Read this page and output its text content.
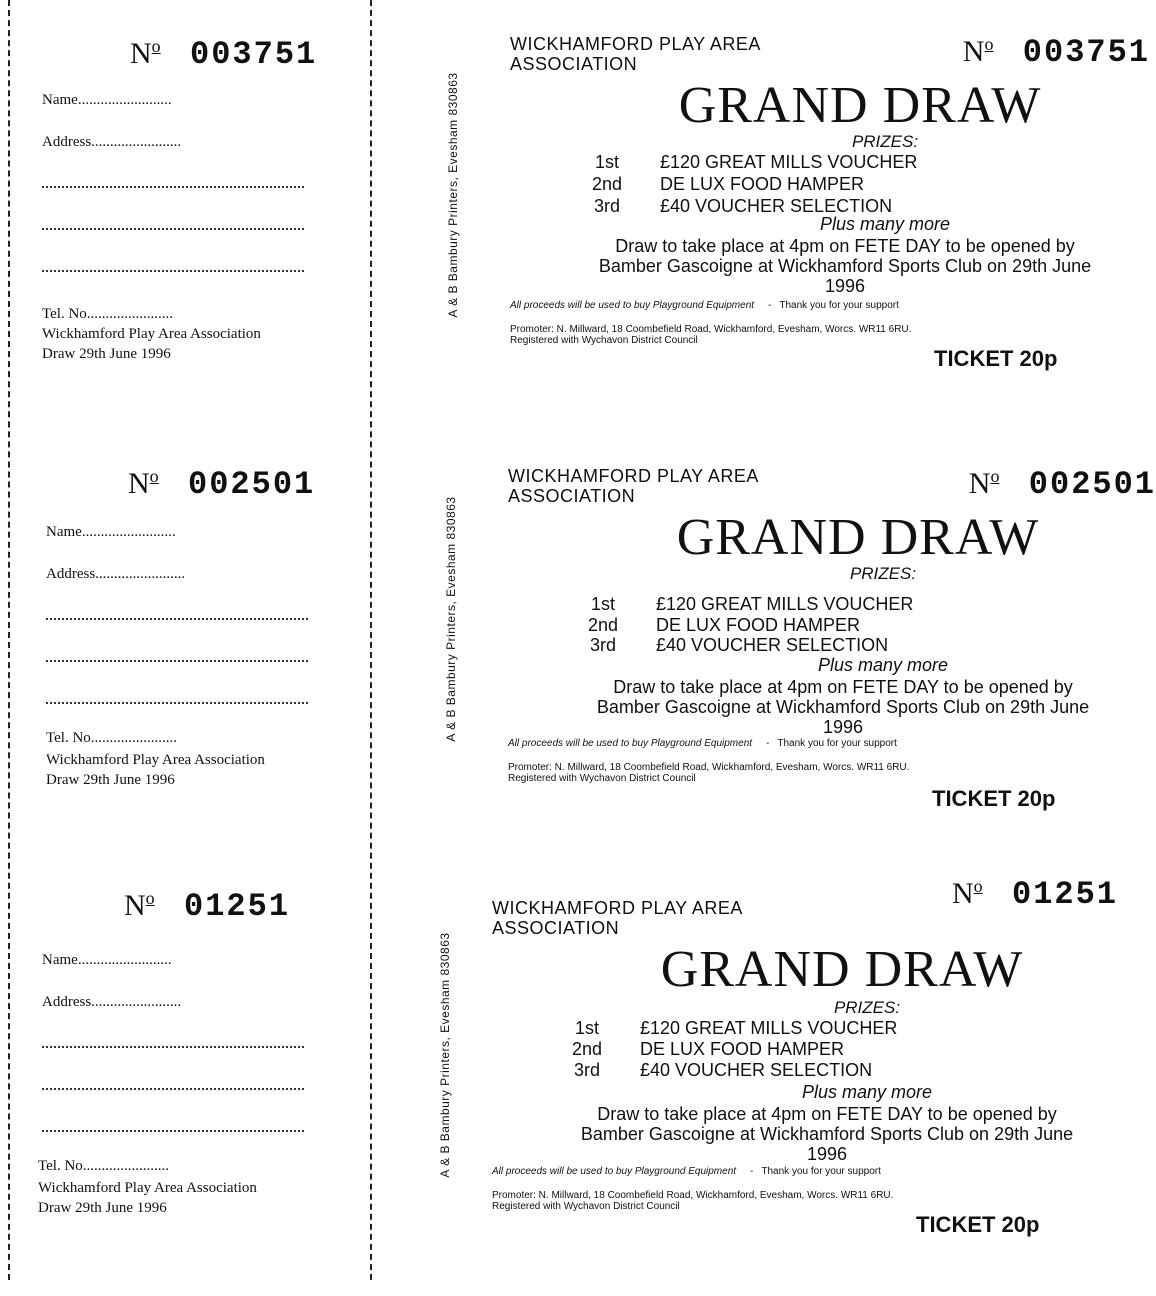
$N^o$ 003751
Name.........................
Address........................
Tel. No.......................
Wickhamford Play Area Association
Draw 29th June 1996
A & B Bambury Printers, Evesham 830863
WICKHAMFORD PLAY AREA
ASSOCIATION	$N^o$ 003751
GRAND DRAW
PRIZES:
1st	£120 GREAT MILLS VOUCHER
2nd	DE LUX FOOD HAMPER
3rd	£40 VOUCHER SELECTION
Plus many more
Draw to take place at 4pm on FETE DAY to be opened by
Bamber Gascoigne at Wickhamford Sports Club on 29th June
1996
All proceeds will be used to buy Playground Equipment - Thank you for your support
Promoter: N. Millward, 18 Coombefield Road, Wickhamford, Evesham, Worcs. WR11 6RU.
Registered with Wychavon District Council
TICKET 20p
$N^o$ 002501
Name.........................
Address........................
Tel. No.......................
Wickhamford Play Area Association
Draw 29th June 1996
A & B Bambury Printers, Evesham 830863
WICKHAMFORD PLAY AREA
ASSOCIATION	$N^o$ 002501
GRAND DRAW
PRIZES:
1st	£120 GREAT MILLS VOUCHER
2nd	DE LUX FOOD HAMPER
3rd	£40 VOUCHER SELECTION
Plus many more
Draw to take place at 4pm on FETE DAY to be opened by
Bamber Gascoigne at Wickhamford Sports Club on 29th June
1996
All proceeds will be used to buy Playground Equipment - Thank you for your support
Promoter: N. Millward, 18 Coombefield Road, Wickhamford, Evesham, Worcs. WR11 6RU.
Registered with Wychavon District Council
TICKET 20p
$N^o$ 01251
Name.........................
Address........................
Tel. No.......................
Wickhamford Play Area Association
Draw 29th June 1996
A & B Bambury Printers, Evesham 830863
WICKHAMFORD PLAY AREA
ASSOCIATION
$N^o$ 01251
GRAND DRAW
PRIZES:
1st	£120 GREAT MILLS VOUCHER
2nd	DE LUX FOOD HAMPER
3rd	£40 VOUCHER SELECTION
Plus many more
Draw to take place at 4pm on FETE DAY to be opened by
Bamber Gascoigne at Wickhamford Sports Club on 29th June
1996
All proceeds will be used to buy Playground Equipment - Thank you for your support
Promoter: N. Millward, 18 Coombefield Road, Wickhamford, Evesham, Worcs. WR11 6RU.
Registered with Wychavon District Council
TICKET 20p
